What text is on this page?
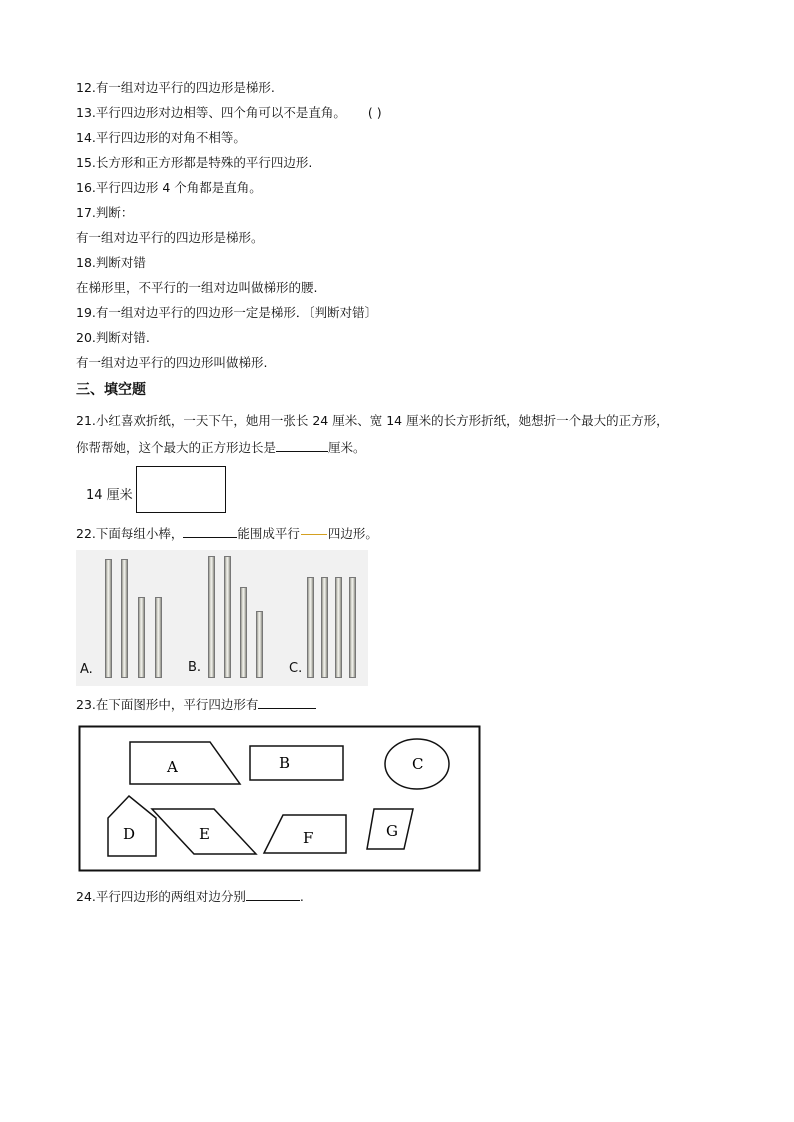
12.有一组对边平行的四边形是梯形.
13.平行四边形对边相等、四个角可以不是直角。 ( )
14.平行四边形的对角不相等。
15.长方形和正方形都是特殊的平行四边形.
16.平行四边形 4 个角都是直角。
17.判断：
有一组对边平行的四边形是梯形。
18.判断对错
在梯形里，不平行的一组对边叫做梯形的腰.
19.有一组对边平行的四边形一定是梯形．〔判断对错〕
20.判断对错.
有一组对边平行的四边形叫做梯形.
三、填空题
21.小红喜欢折纸，一天下午，她用一张长 24 厘米、宽 14 厘米的长方形折纸，她想折一个最大的正方形，
你帮帮她，这个最大的正方形边长是	厘米。
14 厘米
22.下面每组小棒，	能围成平行 四边形。
A.	B.	C.
23.在下面图形中，平行四边形有
A	B	C
D	E	F	G
24.平行四边形的两组对边分别	.
